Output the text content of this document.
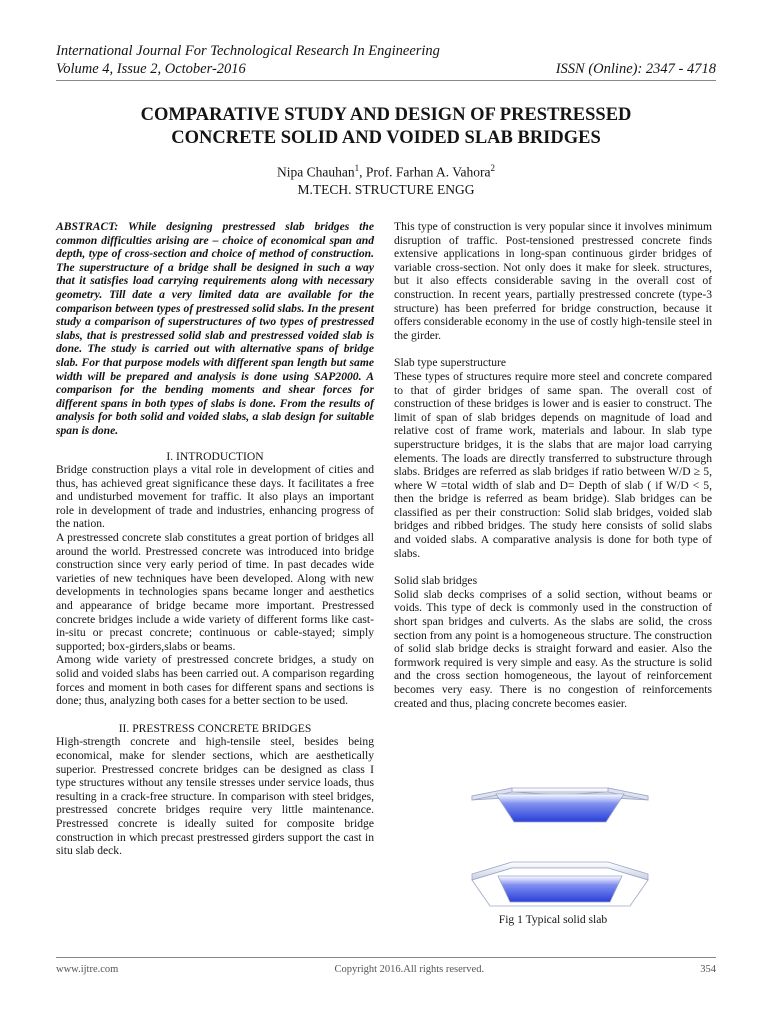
International Journal For Technological Research In Engineering
Volume 4, Issue 2, October-2016	ISSN (Online): 2347 - 4718
COMPARATIVE STUDY AND DESIGN OF PRESTRESSED
CONCRETE SOLID AND VOIDED SLAB BRIDGES
Nipa Chauhan$^1$, Prof. Farhan A. Vahora$^2$
M.TECH. STRUCTURE ENGG

ABSTRACT: While designing prestressed slab bridges the common difficulties arising are – choice of economical span and depth, type of cross-section and choice of method of construction. The superstructure of a bridge shall be designed in such a way that it satisfies load carrying requirements along with necessary geometry. Till date a very limited data are available for the comparison between types of prestressed solid slabs. In the present study a comparison of superstructures of two types of prestressed slabs, that is prestressed solid slab and prestressed voided slab is done. The study is carried out with alternative spans of bridge slab. For that purpose models with different span length but same width will be prepared and analysis is done using SAP2000. A comparison for the bending moments and shear forces for different spans in both types of slabs is done. From the results of analysis for both solid and voided slabs, a slab design for suitable span is done.

I. INTRODUCTION

Bridge construction plays a vital role in development of cities and thus, has achieved great significance these days. It facilitates a free and undisturbed movement for traffic. It also plays an important role in development of trade and industries, enhancing progress of the nation.

A prestressed concrete slab constitutes a great portion of bridges all around the world. Prestressed concrete was introduced into bridge construction since very early period of time. In past decades wide varieties of new techniques have been developed. Along with new developments in technologies spans became longer and aesthetics and appearance of bridge became more important. Prestressed concrete bridges include a wide variety of different forms like cast-in-situ or precast concrete; continuous or cable-stayed; simply supported; box-girders,slabs or beams.

Among wide variety of prestressed concrete bridges, a study on solid and voided slabs has been carried out. A comparison regarding forces and moment in both cases for different spans and sections is done; thus, analyzing both cases for a better section to be used.

II. PRESTRESS CONCRETE BRIDGES

High-strength concrete and high-tensile steel, besides being economical, make for slender sections, which are aesthetically superior. Prestressed concrete bridges can be designed as class I type structures without any tensile stresses under service loads, thus resulting in a crack-free structure. In comparison with steel bridges, prestressed concrete bridges require very little maintenance. Prestressed concrete is ideally suited for composite bridge construction in which precast prestressed girders support the cast in situ slab deck.

This type of construction is very popular since it involves minimum disruption of traffic. Post-tensioned prestressed concrete finds extensive applications in long-span continuous girder bridges of variable cross-section. Not only does it make for sleek. structures, but it also effects considerable saving in the overall cost of construction. In recent years, partially prestressed concrete (type-3 structure) has been preferred for bridge construction, because it offers considerable economy in the use of costly high-tensile steel in the girder.

Slab type superstructure

These types of structures require more steel and concrete compared to that of girder bridges of same span. The overall cost of construction of these bridges is lower and is easier to construct. The limit of span of slab bridges depends on magnitude of load and relative cost of frame work, materials and labour. In slab type superstructure bridges, it is the slabs that are major load carrying elements. The loads are directly transferred to substructure through slabs. Bridges are referred as slab bridges if ratio between W/D ≥ 5, where W =total width of slab and D= Depth of slab ( if W/D < 5, then the bridge is referred as beam bridge). Slab bridges can be classified as per their construction: Solid slab bridges, voided slab bridges and ribbed bridges. The study here consists of solid slabs and voided slabs. A comparative analysis is done for both type of slabs.

Solid slab bridges

Solid slab decks comprises of a solid section, without beams or voids. This type of deck is commonly used in the construction of short span bridges and culverts. As the slabs are solid, the cross section from any point is a homogeneous structure. The construction of solid slab bridge decks is straight forward and easier. Also the formwork required is very simple and easy. As the structure is solid and the cross section homogeneous, the layout of reinforcement becomes very easy. There is no congestion of reinforcements created and thus, placing concrete becomes easier.

Fig 1 Typical solid slab
www.ijtre.com	Copyright 2016.All rights reserved.	354
